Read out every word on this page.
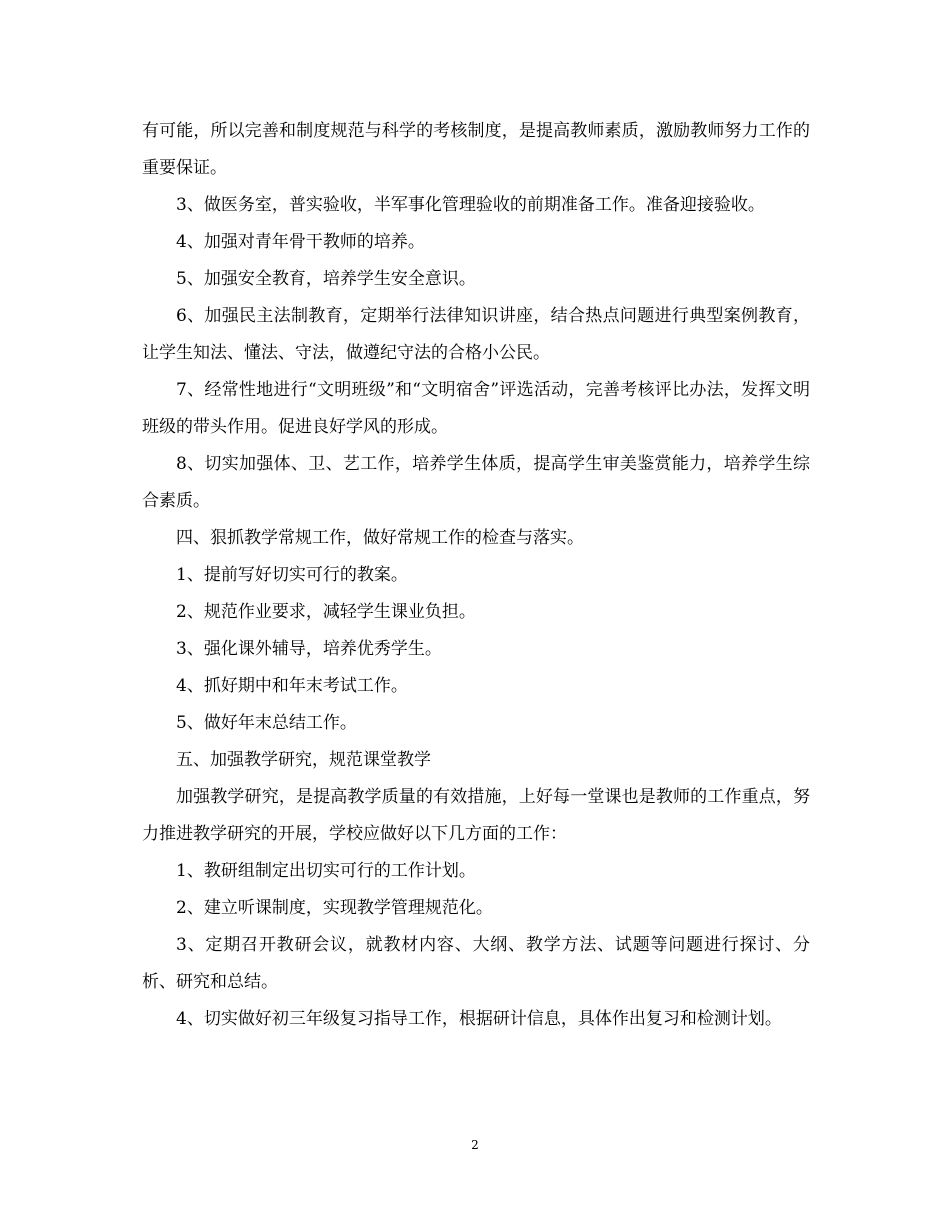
有可能，所以完善和制度规范与科学的考核制度，是提高教师素质，激励教师努力工作的重要保证。

3、做医务室，普实验收，半军事化管理验收的前期准备工作。准备迎接验收。

4、加强对青年骨干教师的培养。

5、加强安全教育，培养学生安全意识。

6、加强民主法制教育，定期举行法律知识讲座，结合热点问题进行典型案例教育，让学生知法、懂法、守法，做遵纪守法的合格小公民。

7、经常性地进行“文明班级”和“文明宿舍”评选活动，完善考核评比办法，发挥文明班级的带头作用。促进良好学风的形成。

8、切实加强体、卫、艺工作，培养学生体质，提高学生审美鉴赏能力，培养学生综合素质。

四、狠抓教学常规工作，做好常规工作的检查与落实。

1、提前写好切实可行的教案。

2、规范作业要求，减轻学生课业负担。

3、强化课外辅导，培养优秀学生。

4、抓好期中和年末考试工作。

5、做好年末总结工作。

五、加强教学研究，规范课堂教学

加强教学研究，是提高教学质量的有效措施，上好每一堂课也是教师的工作重点，努力推进教学研究的开展，学校应做好以下几方面的工作：

1、教研组制定出切实可行的工作计划。

2、建立听课制度，实现教学管理规范化。

3、定期召开教研会议，就教材内容、大纲、教学方法、试题等问题进行探讨、分析、研究和总结。

4、切实做好初三年级复习指导工作，根据研计信息，具体作出复习和检测计划。

2
